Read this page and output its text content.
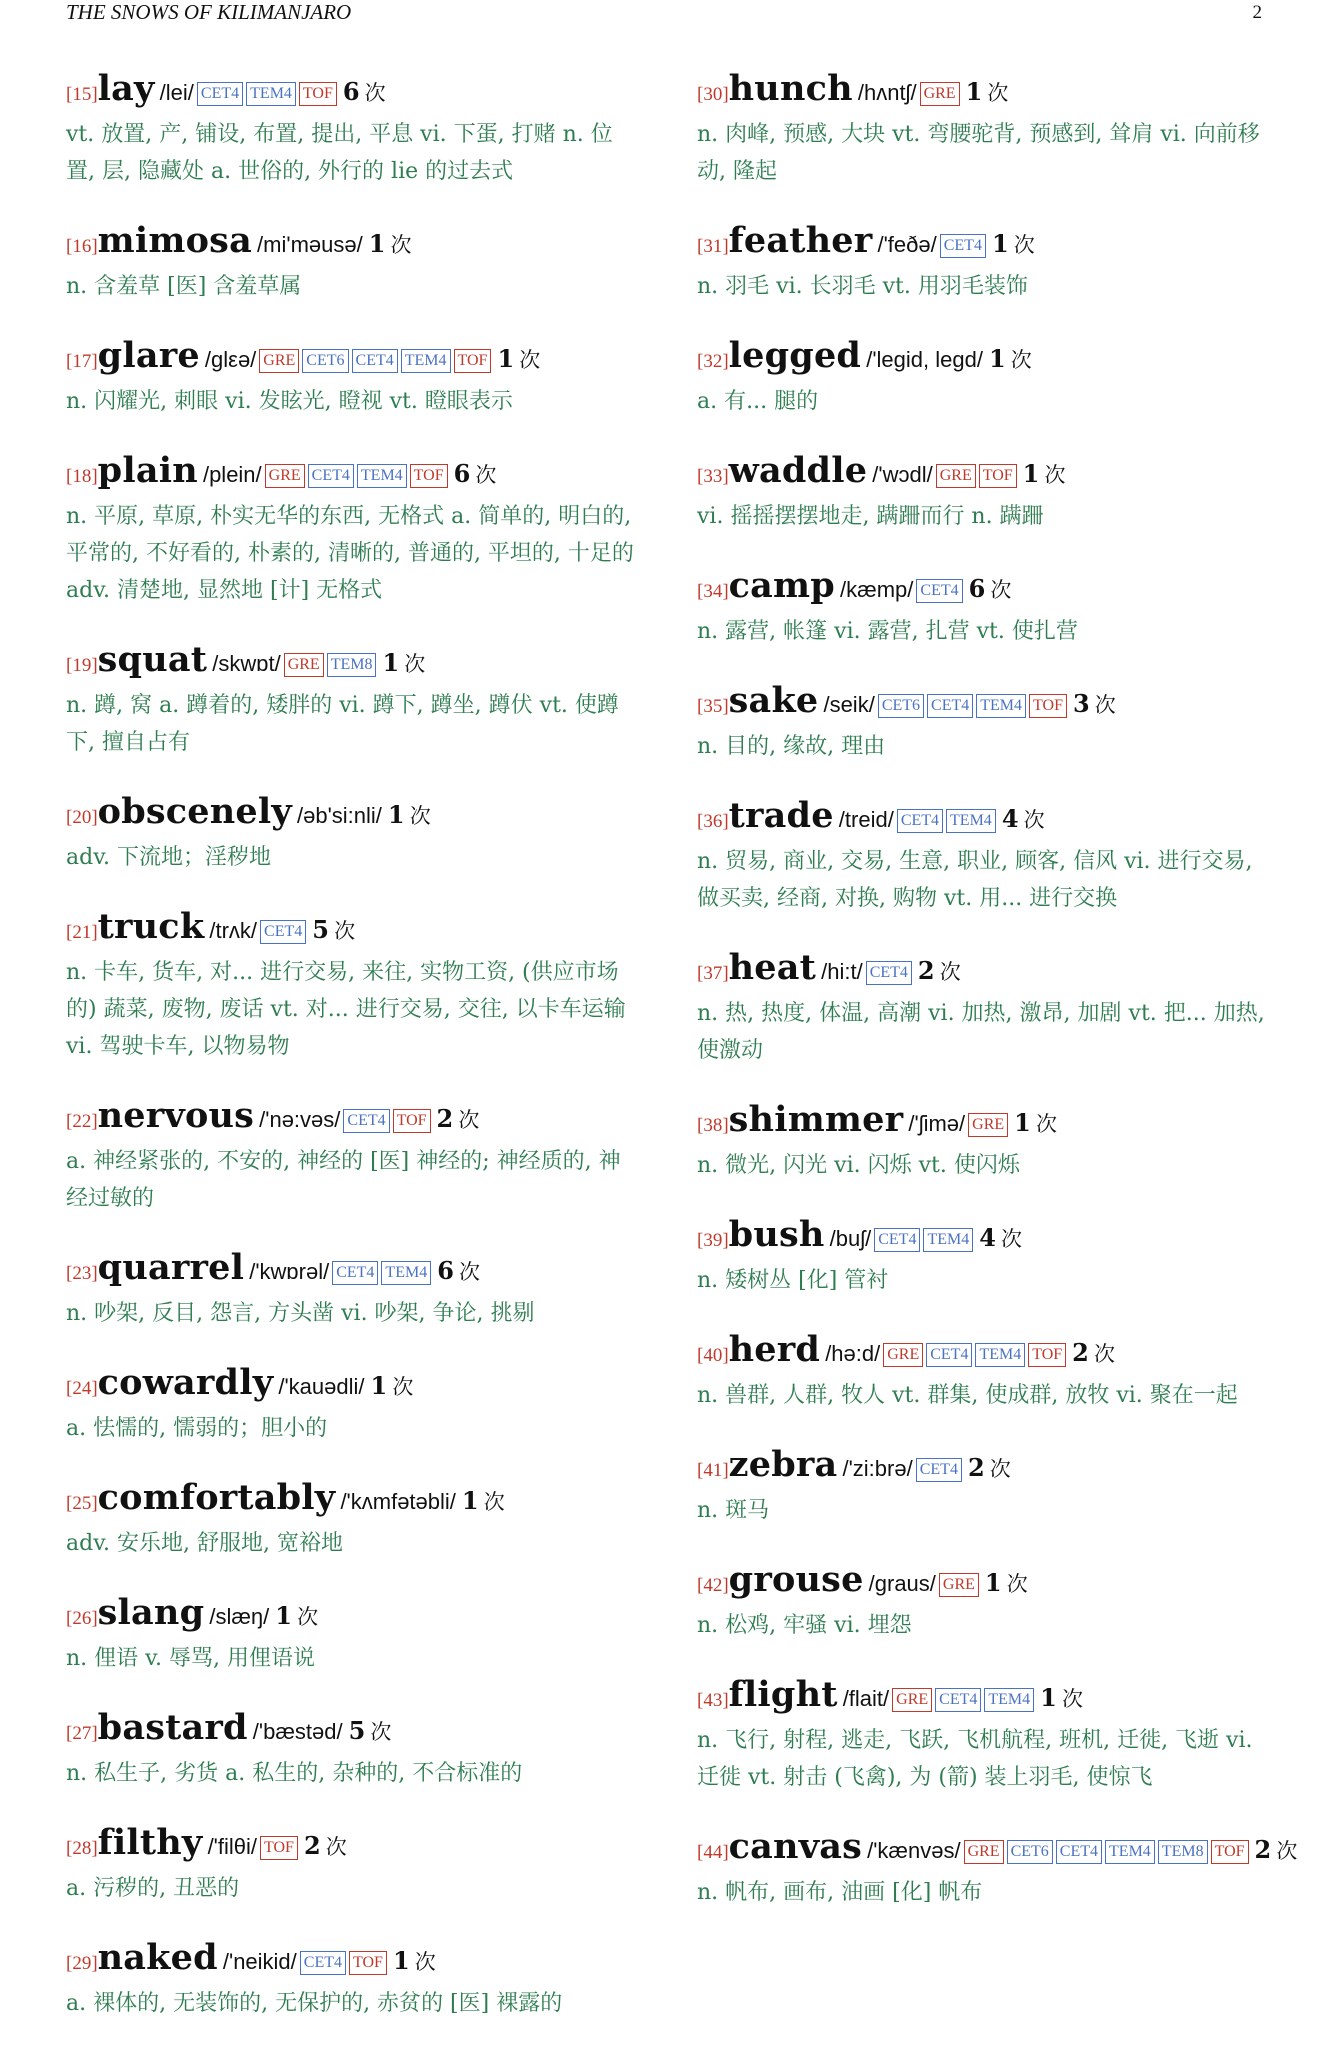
THE SNOWS OF KILIMANJARO	2
[15]lay /lei/ CET4 TEM4 TOF 6 次
vt. 放置, 产, 铺设, 布置, 提出, 平息 vi. 下蛋, 打赌 n. 位置, 层, 隐藏处 a. 世俗的, 外行的 lie 的过去式
[16]mimosa /mi'məusə/ 1 次
n. 含羞草 [医] 含羞草属
[17]glare /glεə/ GRE CET6 CET4 TEM4 TOF 1 次
n. 闪耀光, 刺眼 vi. 发眩光, 瞪视 vt. 瞪眼表示
[18]plain /plein/ GRE CET4 TEM4 TOF 6 次
n. 平原, 草原, 朴实无华的东西, 无格式 a. 简单的, 明白的, 平常的, 不好看的, 朴素的, 清晰的, 普通的, 平坦的, 十足的 adv. 清楚地, 显然地 [计] 无格式
[19]squat /skwɒt/ GRE TEM8 1 次
n. 蹲, 窝 a. 蹲着的, 矮胖的 vi. 蹲下, 蹲坐, 蹲伏 vt. 使蹲下, 擅自占有
[20]obscenely /əb'si:nli/ 1 次
adv. 下流地；淫秽地
[21]truck /trʌk/ CET4 5 次
n. 卡车, 货车, 对... 进行交易, 来往, 实物工资, (供应市场的) 蔬菜, 废物, 废话 vt. 对... 进行交易, 交往, 以卡车运输 vi. 驾驶卡车, 以物易物
[22]nervous /'nə:vəs/ CET4 TOF 2 次
a. 神经紧张的, 不安的, 神经的 [医] 神经的; 神经质的, 神经过敏的
[23]quarrel /'kwɒrəl/ CET4 TEM4 6 次
n. 吵架, 反目, 怨言, 方头凿 vi. 吵架, 争论, 挑剔
[24]cowardly /'kauədli/ 1 次
a. 怯懦的, 懦弱的；胆小的
[25]comfortably /'kʌmfətəbli/ 1 次
adv. 安乐地, 舒服地, 宽裕地
[26]slang /slæŋ/ 1 次
n. 俚语 v. 辱骂, 用俚语说
[27]bastard /'bæstəd/ 5 次
n. 私生子, 劣货 a. 私生的, 杂种的, 不合标准的
[28]filthy /'filθi/ TOF 2 次
a. 污秽的, 丑恶的
[29]naked /'neikid/ CET4 TOF 1 次
a. 裸体的, 无装饰的, 无保护的, 赤贫的 [医] 裸露的
[30]hunch /hʌntʃ/ GRE 1 次
n. 肉峰, 预感, 大块 vt. 弯腰驼背, 预感到, 耸肩 vi. 向前移动, 隆起
[31]feather /'feðə/ CET4 1 次
n. 羽毛 vi. 长羽毛 vt. 用羽毛装饰
[32]legged /'legid, legd/ 1 次
a. 有... 腿的
[33]waddle /'wɔdl/ GRE TOF 1 次
vi. 摇摇摆摆地走, 蹒跚而行 n. 蹒跚
[34]camp /kæmp/ CET4 6 次
n. 露营, 帐篷 vi. 露营, 扎营 vt. 使扎营
[35]sake /seik/ CET6 CET4 TEM4 TOF 3 次
n. 目的, 缘故, 理由
[36]trade /treid/ CET4 TEM4 4 次
n. 贸易, 商业, 交易, 生意, 职业, 顾客, 信风 vi. 进行交易, 做买卖, 经商, 对换, 购物 vt. 用... 进行交换
[37]heat /hi:t/ CET4 2 次
n. 热, 热度, 体温, 高潮 vi. 加热, 激昂, 加剧 vt. 把... 加热, 使激动
[38]shimmer /'ʃimə/ GRE 1 次
n. 微光, 闪光 vi. 闪烁 vt. 使闪烁
[39]bush /buʃ/ CET4 TEM4 4 次
n. 矮树丛 [化] 管衬
[40]herd /hə:d/ GRE CET4 TEM4 TOF 2 次
n. 兽群, 人群, 牧人 vt. 群集, 使成群, 放牧 vi. 聚在一起
[41]zebra /'zi:brə/ CET4 2 次
n. 斑马
[42]grouse /graus/ GRE 1 次
n. 松鸡, 牢骚 vi. 埋怨
[43]flight /flait/ GRE CET4 TEM4 1 次
n. 飞行, 射程, 逃走, 飞跃, 飞机航程, 班机, 迁徙, 飞逝 vi. 迁徙 vt. 射击 (飞禽), 为 (箭) 装上羽毛, 使惊飞
[44]canvas /'kænvəs/ GRE CET6 CET4 TEM4 TEM8 TOF 2 次
n. 帆布, 画布, 油画 [化] 帆布
